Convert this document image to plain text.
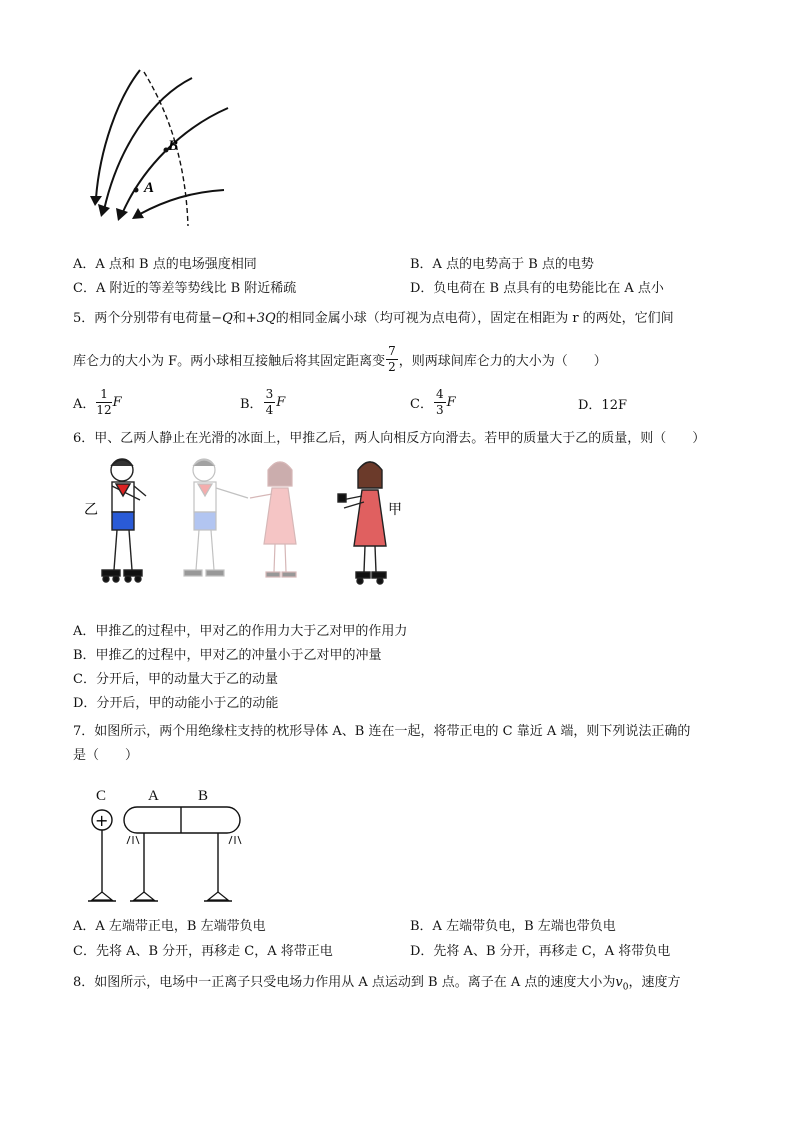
B
A
A．A 点和 B 点的电场强度相同	B．A 点的电势高于 B 点的电势
C．A 附近的等差等势线比 B 附近稀疏	D．负电荷在 B 点具有的电势能比在 A 点小
5．两个分别带有电荷量−Q和+3Q的相同金属小球（均可视为点电荷），固定在相距为 r 的两处，它们间
库仑力的大小为 F。两小球相互接触后将其固定距离变 $\frac{7}{2}$ ，则两球间库仑力的大小为（　　）
A． $\frac{1}{12}$ F	B． $\frac{3}{4}$ F	C． $\frac{4}{3}$ F	D．12F
6．甲、乙两人静止在光滑的冰面上，甲推乙后，两人向相反方向滑去。若甲的质量大于乙的质量，则（　　）
乙	甲
A．甲推乙的过程中，甲对乙的作用力大于乙对甲的作用力
B．甲推乙的过程中，甲对乙的冲量小于乙对甲的冲量
C．分开后，甲的动量大于乙的动量
D．分开后，甲的动能小于乙的动能
7．如图所示，两个用绝缘柱支持的枕形导体 A、B 连在一起，将带正电的 C 靠近 A 端，则下列说法正确的
是（　　）
C	A	B
+
A．A 左端带正电，B 左端带负电	B．A 左端带负电，B 左端也带负电
C．先将 A、B 分开，再移走 C，A 将带正电	D．先将 A、B 分开，再移走 C，A 将带负电
8．如图所示，电场中一正离子只受电场力作用从 A 点运动到 B 点。离子在 A 点的速度大小为$v_0$，速度方
